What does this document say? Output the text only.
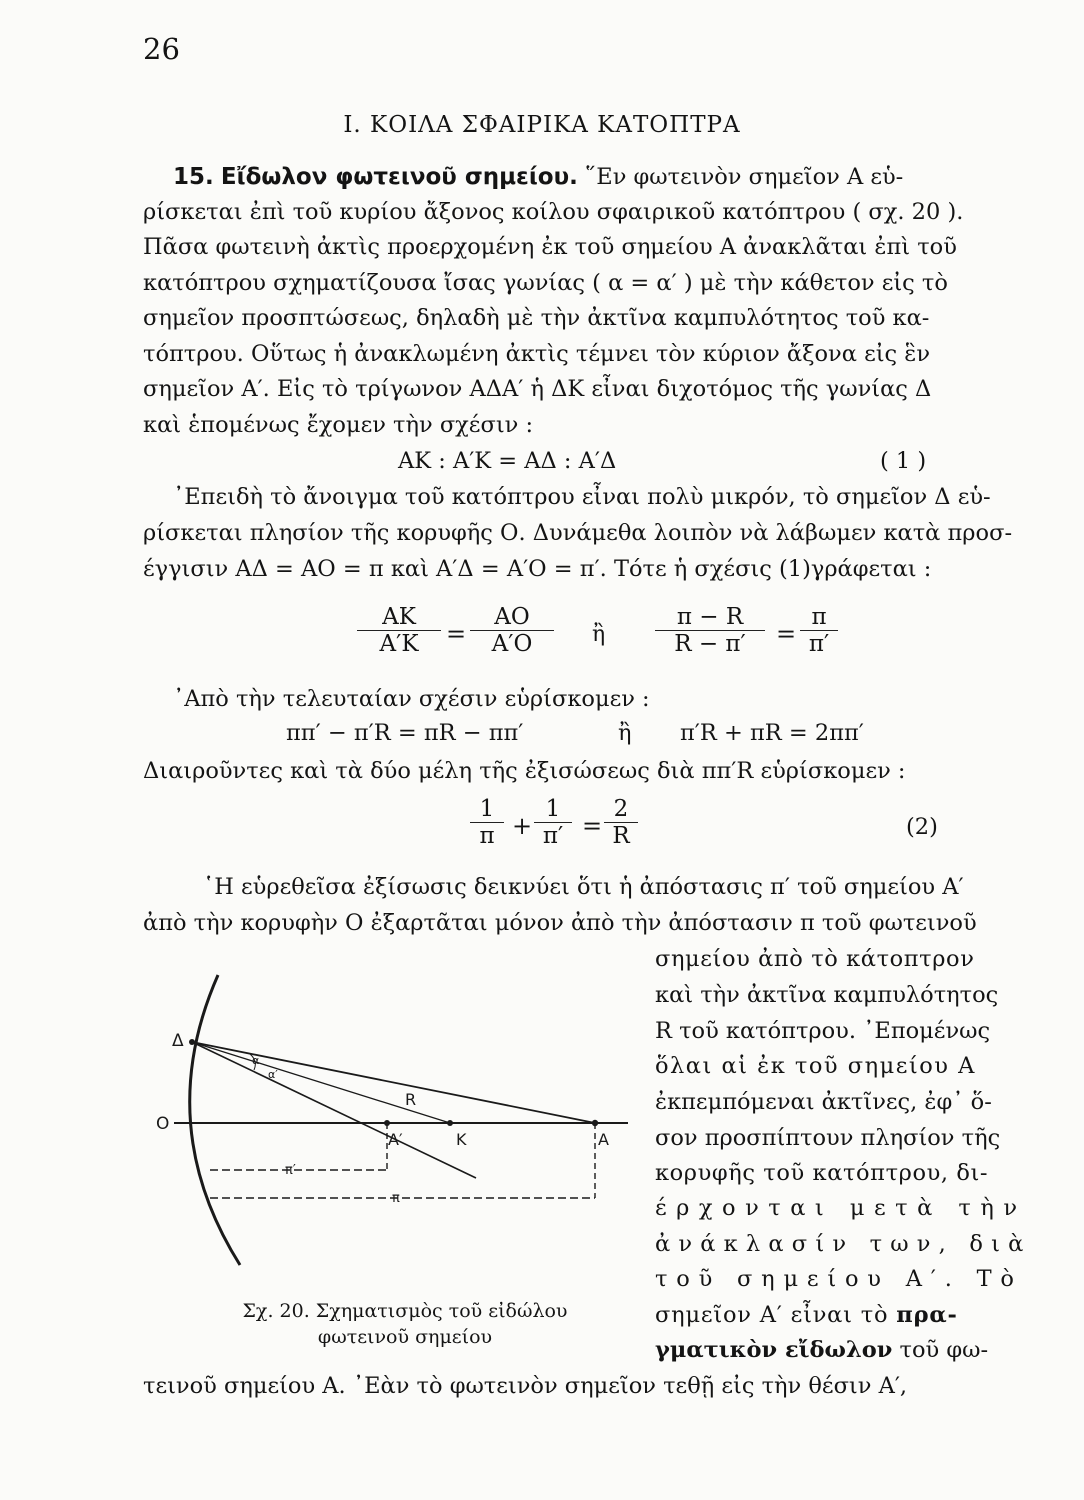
26
I. ΚΟΙΛΑ ΣΦΑΙΡΙΚΑ ΚΑΤΟΠΤΡΑ
15. Εἴδωλον φωτεινοῦ σημείου. ῞Εν φωτεινὸν σημεῖον Α εὑ-
ρίσκεται ἐπὶ τοῦ κυρίου ἄξονος κοίλου σφαιρικοῦ κατόπτρου ( σχ. 20 ).
Πᾶσα φωτεινὴ ἀκτὶς προερχομένη ἐκ τοῦ σημείου Α ἀνακλᾶται ἐπὶ τοῦ
κατόπτρου σχηματίζουσα ἴσας γωνίας ( α = α′ ) μὲ τὴν κάθετον εἰς τὸ
σημεῖον προσπτώσεως, δηλαδὴ μὲ τὴν ἀκτῖνα καμπυλότητος τοῦ κα-
τόπτρου. Οὕτως ἡ ἀνακλωμένη ἀκτὶς τέμνει τὸν κύριον ἄξονα εἰς ἓν
σημεῖον Α′. Εἰς τὸ τρίγωνον ΑΔΑ′ ἡ ΔΚ εἶναι διχοτόμος τῆς γωνίας Δ
καὶ ἑπομένως ἔχομεν τὴν σχέσιν :
ΑΚ : Α′Κ = ΑΔ : Α′Δ	( 1 )
᾿Επειδὴ τὸ ἄνοιγμα τοῦ κατόπτρου εἶναι πολὺ μικρόν, τὸ σημεῖον Δ εὑ-
ρίσκεται πλησίον τῆς κορυφῆς Ο. Δυνάμεθα λοιπὸν νὰ λάβωμεν κατὰ προσ-
έγγισιν ΑΔ = ΑΟ = π καὶ Α′Δ = Α′Ο = π′. Τότε ἡ σχέσις (1)γράφεται :
$\frac{AK}{A'K} = \frac{AO}{A'O}$ ἢ $\frac{\pi - R}{R - \pi'} = \frac{\pi}{\pi'}$
᾿Απὸ τὴν τελευταίαν σχέσιν εὑρίσκομεν :
ππ′ − π′R = πR − ππ′	ἢ π′R + πR = 2ππ′
Διαιροῦντες καὶ τὰ δύο μέλη τῆς ἐξισώσεως διὰ ππ′R εὑρίσκομεν :
$\frac{1}{\pi} + \frac{1}{\pi'} = \frac{2}{R}$	(2)
῾Η εὑρεθεῖσα ἐξίσωσις δεικνύει ὅτι ἡ ἀπόστασις π′ τοῦ σημείου Α′
ἀπὸ τὴν κορυφὴν Ο ἐξαρτᾶται μόνον ἀπὸ τὴν ἀπόστασιν π τοῦ φωτεινοῦ
σημείου ἀπὸ τὸ κάτοπτρον
καὶ τὴν ἀκτῖνα καμπυλότητος
R τοῦ κατόπτρου. ᾿Επομένως
ὅλαι αἱ ἐκ τοῦ σημείου Α
ἐκπεμπόμεναι ἀκτῖνες, ἐφ᾿ ὅ-
σον προσπίπτουν πλησίον τῆς
κορυφῆς τοῦ κατόπτρου, δι-
έρχονται μετὰ τὴν
ἀνάκλασίν των, διὰ
τοῦ σημείου Α′. Τὸ
σημεῖον Α′ εἶναι τὸ πρα-
γματικὸν εἴδωλον τοῦ φω-
τεινοῦ σημείου Α. ᾿Εὰν τὸ φωτεινὸν σημεῖον τεθῇ εἰς τὴν θέσιν Α′,
Δ
O
α
α′
R
A′	K	A
π′
π
Σχ. 20. Σχηματισμὸς τοῦ εἰδώλου
φωτεινοῦ σημείου
